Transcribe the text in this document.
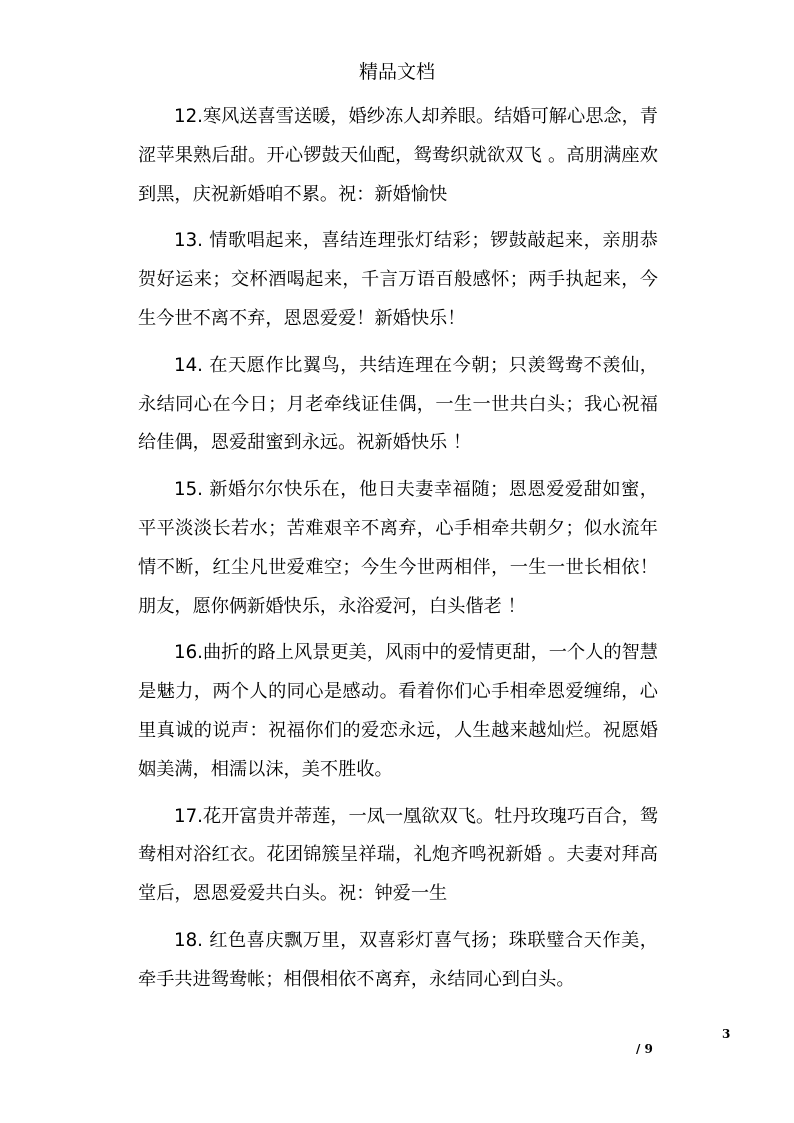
精品文档

12.寒风送喜雪送暖，婚纱冻人却养眼。结婚可解心思念，青涩苹果熟后甜。开心锣鼓天仙配，鸳鸯织就欲双飞 。高朋满座欢到黑，庆祝新婚咱不累。祝：新婚愉快

13. 情歌唱起来，喜结连理张灯结彩；锣鼓敲起来，亲朋恭贺好运来；交杯酒喝起来，千言万语百般感怀；两手执起来，今生今世不离不弃，恩恩爱爱！新婚快乐！

14. 在天愿作比翼鸟，共结连理在今朝；只羡鸳鸯不羡仙，永结同心在今日；月老牵线证佳偶，一生一世共白头；我心祝福给佳偶，恩爱甜蜜到永远。祝新婚快乐 ！

15. 新婚尔尔快乐在，他日夫妻幸福随；恩恩爱爱甜如蜜，平平淡淡长若水；苦难艰辛不离弃，心手相牵共朝夕；似水流年情不断，红尘凡世爱难空；今生今世两相伴，一生一世长相依！朋友，愿你俩新婚快乐，永浴爱河，白头偕老 ！

16.曲折的路上风景更美，风雨中的爱情更甜，一个人的智慧是魅力，两个人的同心是感动。看着你们心手相牵恩爱缠绵，心里真诚的说声：祝福你们的爱恋永远，人生越来越灿烂。祝愿婚姻美满，相濡以沫，美不胜收。

17.花开富贵并蒂莲，一凤一凰欲双飞。牡丹玫瑰巧百合，鸳鸯相对浴红衣。花团锦簇呈祥瑞，礼炮齐鸣祝新婚 。夫妻对拜高堂后，恩恩爱爱共白头。祝：钟爱一生

18. 红色喜庆飘万里，双喜彩灯喜气扬；珠联璧合天作美，牵手共进鸳鸯帐；相偎相依不离弃，永结同心到白头。

3
/ 9
